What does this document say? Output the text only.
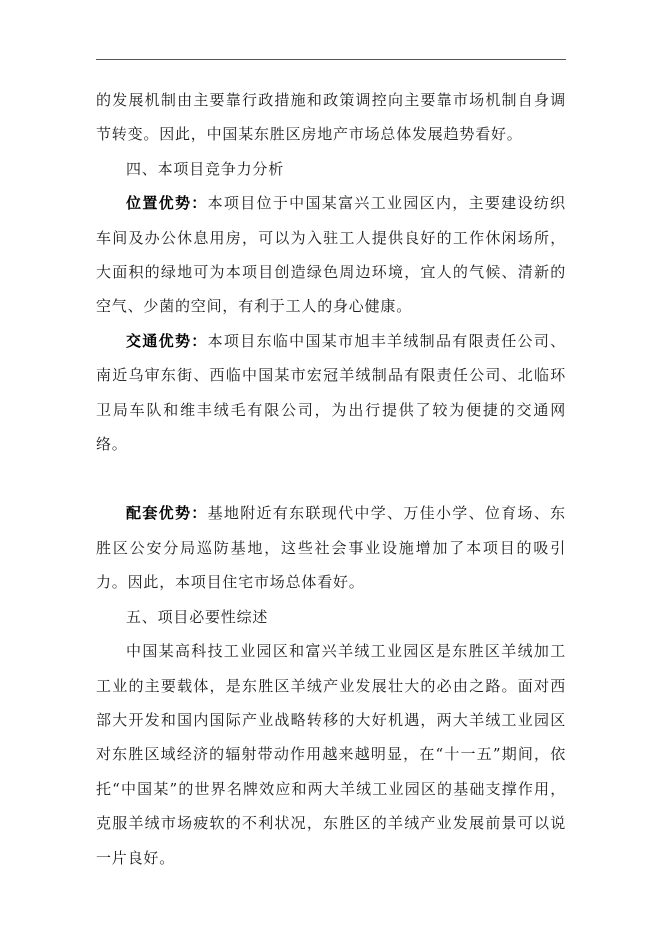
的发展机制由主要靠行政措施和政策调控向主要靠市场机制自身调节转变。因此，中国某东胜区房地产市场总体发展趋势看好。

四、本项目竞争力分析

位置优势：本项目位于中国某富兴工业园区内，主要建设纺织车间及办公休息用房，可以为入驻工人提供良好的工作休闲场所，大面积的绿地可为本项目创造绿色周边环境，宜人的气候、清新的空气、少菌的空间，有利于工人的身心健康。

交通优势：本项目东临中国某市旭丰羊绒制品有限责任公司、南近乌审东街、西临中国某市宏冠羊绒制品有限责任公司、北临环卫局车队和维丰绒毛有限公司，为出行提供了较为便捷的交通网络。

配套优势：基地附近有东联现代中学、万佳小学、位育场、东胜区公安分局巡防基地，这些社会事业设施增加了本项目的吸引力。因此，本项目住宅市场总体看好。

五、项目必要性综述

中国某高科技工业园区和富兴羊绒工业园区是东胜区羊绒加工工业的主要载体，是东胜区羊绒产业发展壮大的必由之路。面对西部大开发和国内国际产业战略转移的大好机遇，两大羊绒工业园区对东胜区域经济的辐射带动作用越来越明显，在“十一五”期间，依托“中国某”的世界名牌效应和两大羊绒工业园区的基础支撑作用，克服羊绒市场疲软的不利状况，东胜区的羊绒产业发展前景可以说一片良好。
